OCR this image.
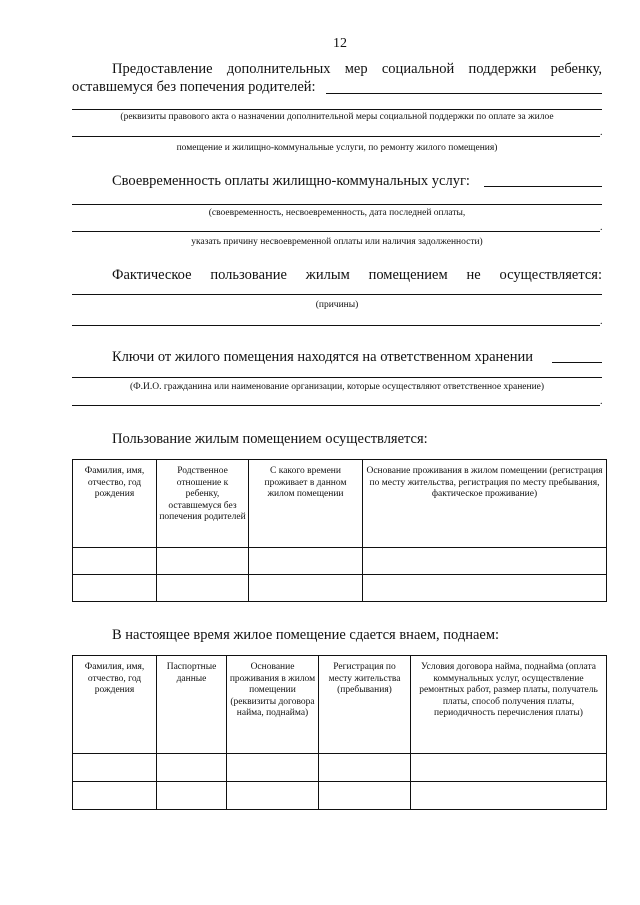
12
Предоставление дополнительных мер социальной поддержки ребенку,
оставшемуся без попечения родителей:
(реквизиты правового акта о назначении дополнительной меры социальной поддержки по оплате за жилое
.
помещение и жилищно-коммунальные услуги, по ремонту жилого помещения)
Своевременность оплаты жилищно-коммунальных услуг:
(своевременность, несвоевременность, дата последней оплаты,
.
указать причину несвоевременной оплаты или наличия задолженности)
Фактическое пользование жилым помещением не осуществляется:
(причины)
.
Ключи от жилого помещения находятся на ответственном хранении
(Ф.И.О. гражданина или наименование организации, которые осуществляют ответственное хранение)
.
Пользование жилым помещением осуществляется:
Фамилия, имя, отчество, год рождения	Родственное отношение к ребенку, оставшемуся без попечения родителей	С какого времени проживает в данном жилом помещении	Основание проживания в жилом помещении (регистрация по месту жительства, регистрация по месту пребывания, фактическое проживание)

В настоящее время жилое помещение сдается внаем, поднаем:
Фамилия, имя, отчество, год рождения	Паспортные данные	Основание проживания в жилом помещении (реквизиты договора найма, поднайма)	Регистрация по месту жительства (пребывания)	Условия договора найма, поднайма (оплата коммунальных услуг, осуществление ремонтных работ, размер платы, получатель платы, способ получения платы, периодичность перечисления платы)
